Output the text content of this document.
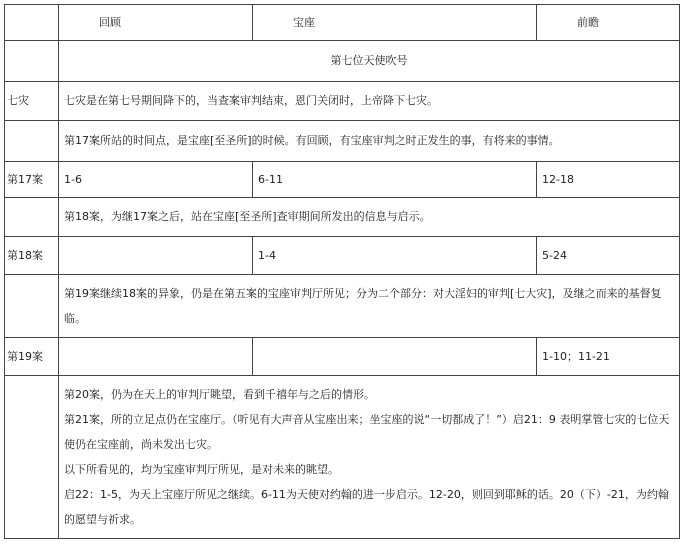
	回顾	宝座	前瞻
	第七位天使吹号		
七灾	七灾是在第七号期间降下的，当查案审判结束，恩门关闭时，上帝降下七灾。		
	第17案所站的时间点，是宝座[至圣所]的时候。有回顾，有宝座审判之时正发生的事，有将来的事情。		
第17案	1-6	6-11	12-18
	第18案，为继17案之后，站在宝座[至圣所]查审期间所发出的信息与启示。		
第18案		1-4	5-24
	第19案继续18案的异象，仍是在第五案的宝座审判厅所见；分为二个部分：对大淫妇的审判[七大灾]，及继之而来的基督复临。		
第19案			1-10；11-21

	第20案，仍为在天上的审判厅眺望，看到千禧年与之后的情形。
第21案，所的立足点仍在宝座厅。（听见有大声音从宝座出来；坐宝座的说“一切都成了！”）启21：9 表明掌管七灾的七位天使仍在宝座前，尚未发出七灾。
以下所看见的，均为宝座审判厅所见，是对未来的眺望。
启22：1-5，为天上宝座厅所见之继续。6-11为天使对约翰的进一步启示。12-20，则回到耶稣的话。20（下）-21，为约翰的愿望与祈求。		
